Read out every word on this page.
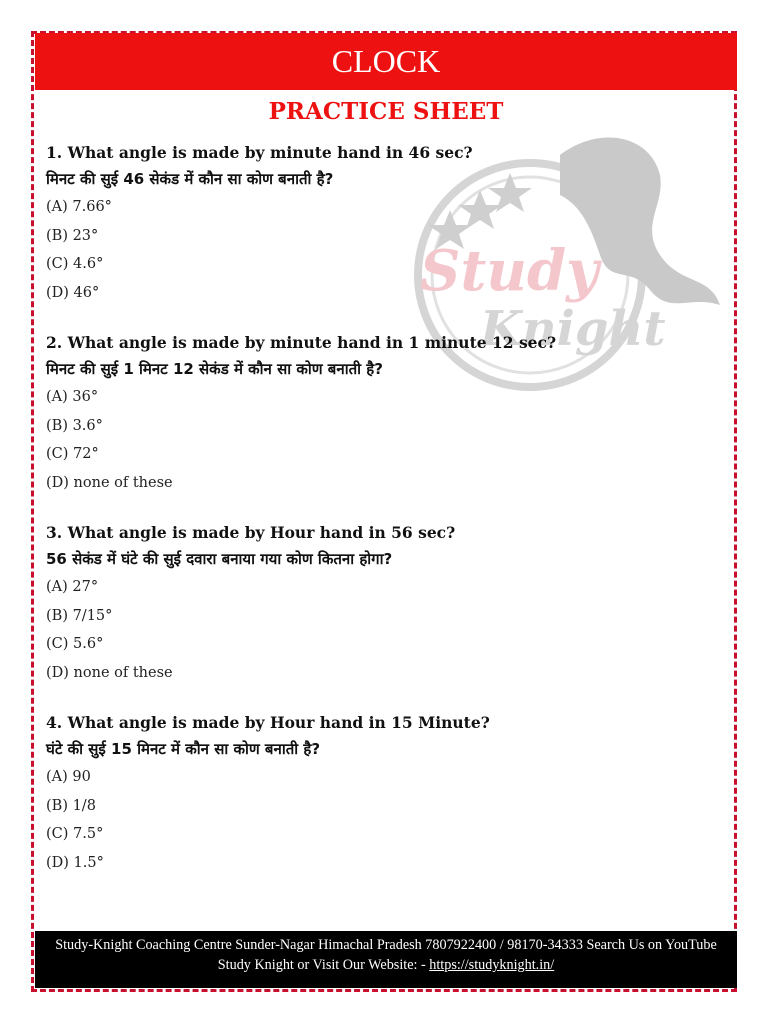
CLOCK
PRACTICE SHEET
Study
Knight
1. What angle is made by minute hand in 46 sec?
मिनट की सुई 46 सेकंड में कौन सा कोण बनाती है?
(A) 7.66°
(B) 23°
(C) 4.6°
(D) 46°
2. What angle is made by minute hand in 1 minute 12 sec?
मिनट की सुई 1 मिनट 12 सेकंड में कौन सा कोण बनाती है?
(A) 36°
(B) 3.6°
(C) 72°
(D) none of these
3. What angle is made by Hour hand in 56 sec?
56 सेकंड में घंटे की सुई दवारा बनाया गया कोण कितना होगा?
(A) 27°
(B) 7/15°
(C) 5.6°
(D) none of these
4. What angle is made by Hour hand in 15 Minute?
घंटे की सुई 15 मिनट में कौन सा कोण बनाती है?
(A) 90
(B) 1/8
(C) 7.5°
(D) 1.5°
Study-Knight Coaching Centre Sunder-Nagar Himachal Pradesh 7807922400 / 98170-34333 Search Us on YouTube Study Knight or Visit Our Website: - https://studyknight.in/
